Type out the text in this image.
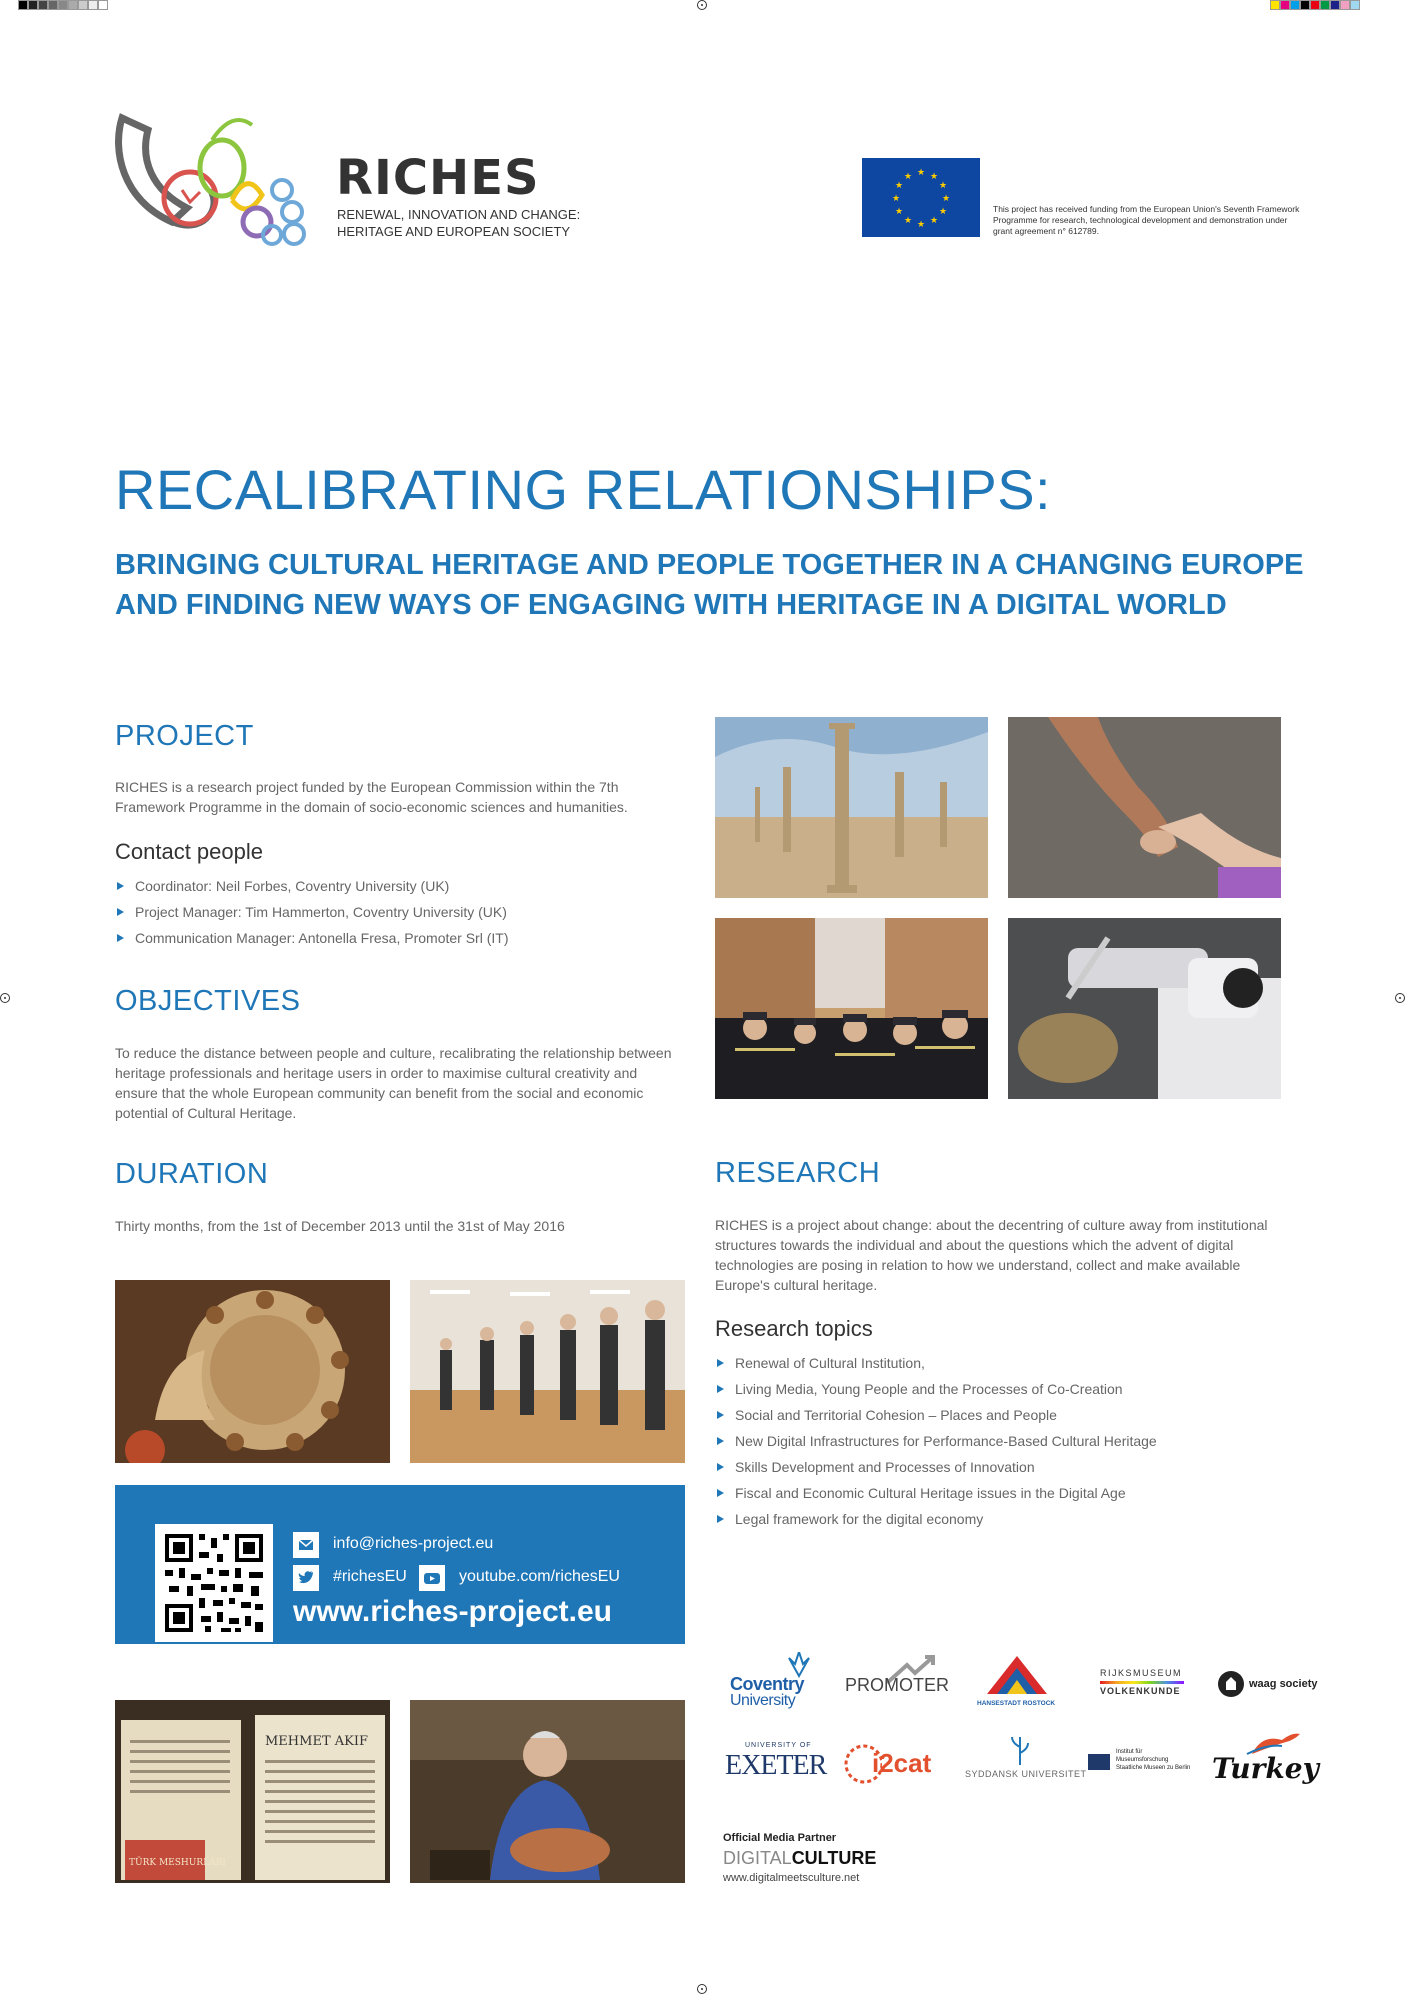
RICHES
RENEWAL, INNOVATION AND CHANGE:
HERITAGE AND EUROPEAN SOCIETY
★ ★
★
★
★
★
★
★
★
★
★
★
This project has received funding from the European Union's Seventh Framework Programme for research, technological development and demonstration under grant agreement n° 612789.
RECALIBRATING RELATIONSHIPS:
BRINGING CULTURAL HERITAGE AND PEOPLE TOGETHER IN A CHANGING EUROPE
AND FINDING NEW WAYS OF ENGAGING WITH HERITAGE IN A DIGITAL WORLD
PROJECT

RICHES is a research project funded by the European Commission within the 7th Framework Programme in the domain of socio-economic sciences and humanities.

Contact people
Coordinator: Neil Forbes, Coventry University (UK)
Project Manager: Tim Hammerton, Coventry University (UK)
Communication Manager: Antonella Fresa, Promoter Srl (IT)
OBJECTIVES

To reduce the distance between people and culture, recalibrating the relationship between heritage professionals and heritage users in order to maximise cultural creativity and ensure that the whole European community can benefit from the social and economic potential of Cultural Heritage.

DURATION

Thirty months, from the 1st of December 2013 until the 31st of May 2016

info@riches-project.eu
#richesEU	youtube.com/richesEU
www.riches-project.eu
MEHMET AKIF
TÜRK MESHURLARI
RESEARCH

RICHES is a project about change: about the decentring of culture away from institutional structures towards the individual and about the questions which the advent of digital technologies are posing in relation to how we understand, collect and make available Europe's cultural heritage.

Research topics
Renewal of Cultural Institution,
Living Media, Young People and the Processes of Co-Creation
Social and Territorial Cohesion – Places and People
New Digital Infrastructures for Performance-Based Cultural Heritage
Skills Development and Processes of Innovation
Fiscal and Economic Cultural Heritage issues in the Digital Age
Legal framework for the digital economy
Coventry
University
PROMOTER
HANSESTADT ROSTOCK
RIJKSMUSEUM
VOLKENKUNDE
waag society
UNIVERSITY OF
EXETER i2cat	SYDDANSK UNIVERSITET
Institut für
Museumsforschung
Staatliche Museen zu Berlin Turkey
Official Media Partner
DIGITALCULTURE
www.digitalmeetsculture.net
